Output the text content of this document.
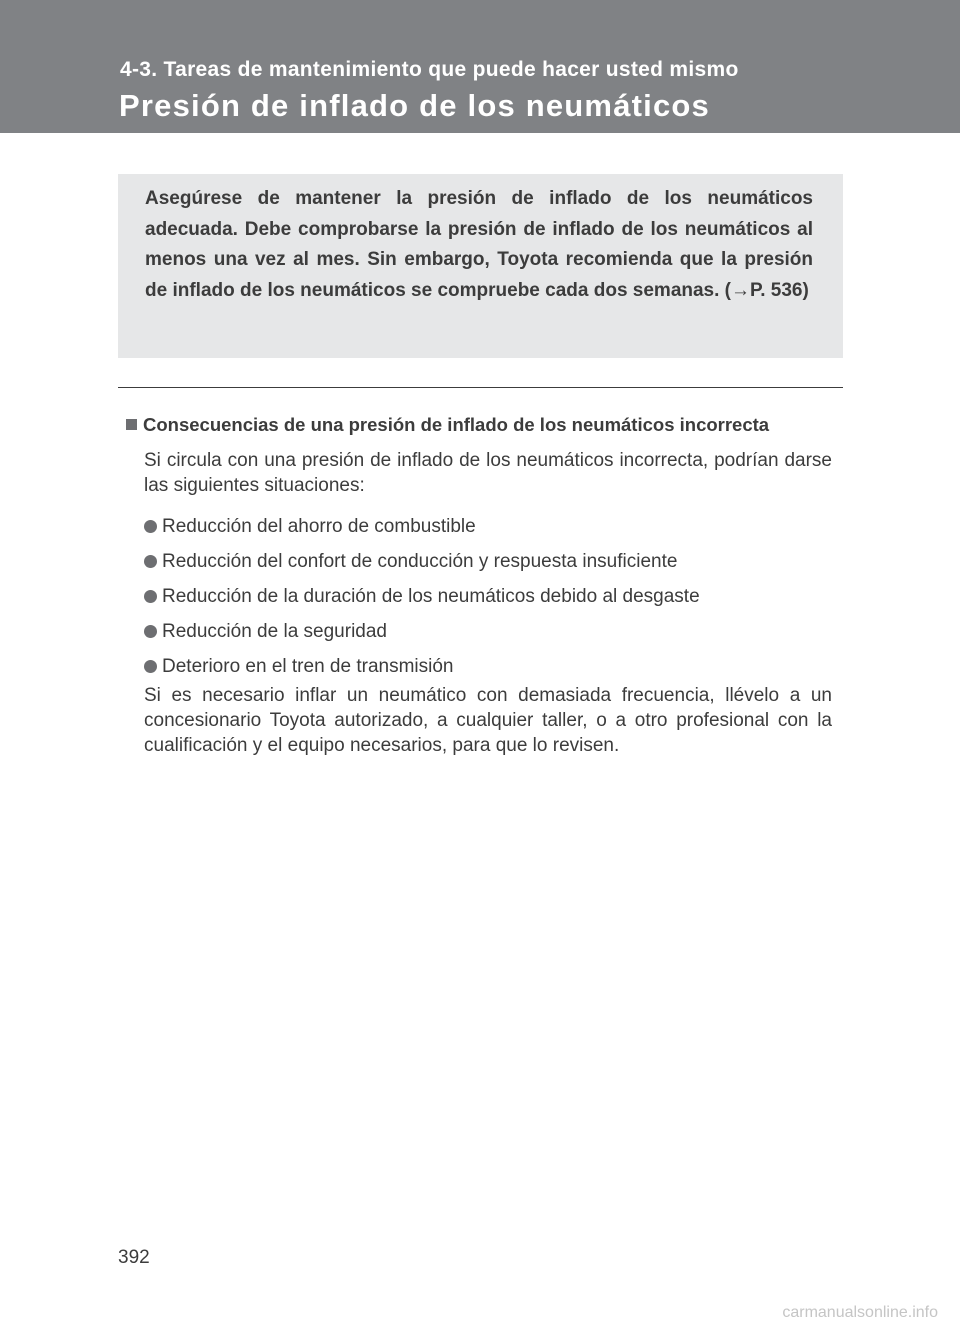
4-3. Tareas de mantenimiento que puede hacer usted mismo
Presión de inflado de los neumáticos

Asegúrese de mantener la presión de inflado de los neumáticos adecuada. Debe comprobarse la presión de inflado de los neumáticos al menos una vez al mes. Sin embargo, Toyota recomienda que la presión de inflado de los neumáticos se compruebe cada dos semanas. (→P. 536)

Consecuencias de una presión de inflado de los neumáticos incorrecta

Si circula con una presión de inflado de los neumáticos incorrecta, podrían darse las siguientes situaciones:

Reducción del ahorro de combustible
Reducción del confort de conducción y respuesta insuficiente
Reducción de la duración de los neumáticos debido al desgaste
Reducción de la seguridad
Deterioro en el tren de transmisión

Si es necesario inflar un neumático con demasiada frecuencia, llévelo a un concesionario Toyota autorizado, a cualquier taller, o a otro profesional con la cualificación y el equipo necesarios, para que lo revisen.

392
carmanualsonline.info
